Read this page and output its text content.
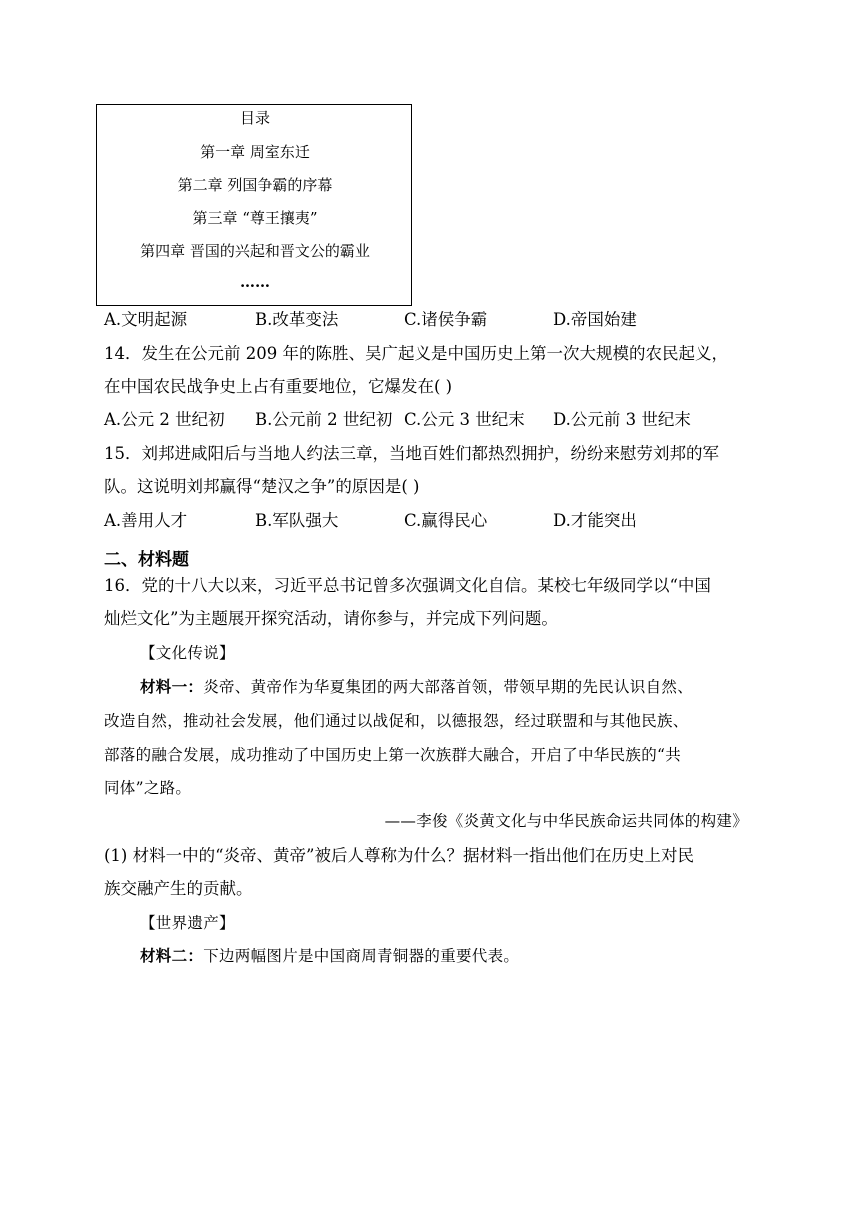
目录
第一章 周室东迁
第二章 列国争霸的序幕
第三章 “尊王攘夷”
第四章 晋国的兴起和晋文公的霸业
……
A.文明起源	B.改革变法	C.诸侯争霸	D.帝国始建
14．发生在公元前 209 年的陈胜、吴广起义是中国历史上第一次大规模的农民起义，
在中国农民战争史上占有重要地位，它爆发在( )
A.公元 2 世纪初 B.公元前 2 世纪初 C.公元 3 世纪末 D.公元前 3 世纪末
15．刘邦进咸阳后与当地人约法三章，当地百姓们都热烈拥护，纷纷来慰劳刘邦的军
队。这说明刘邦赢得“楚汉之争”的原因是( )
A.善用人才	B.军队强大	C.赢得民心	D.才能突出
二、材料题
16．党的十八大以来，习近平总书记曾多次强调文化自信。某校七年级同学以“中国
灿烂文化”为主题展开探究活动，请你参与，并完成下列问题。
【文化传说】
材料一：炎帝、黄帝作为华夏集团的两大部落首领，带领早期的先民认识自然、
改造自然，推动社会发展，他们通过以战促和，以德报怨，经过联盟和与其他民族、
部落的融合发展，成功推动了中国历史上第一次族群大融合，开启了中华民族的“共
同体”之路。
——李俊《炎黄文化与中华民族命运共同体的构建》
(1) 材料一中的“炎帝、黄帝”被后人尊称为什么？据材料一指出他们在历史上对民
族交融产生的贡献。
【世界遗产】
材料二：下边两幅图片是中国商周青铜器的重要代表。
